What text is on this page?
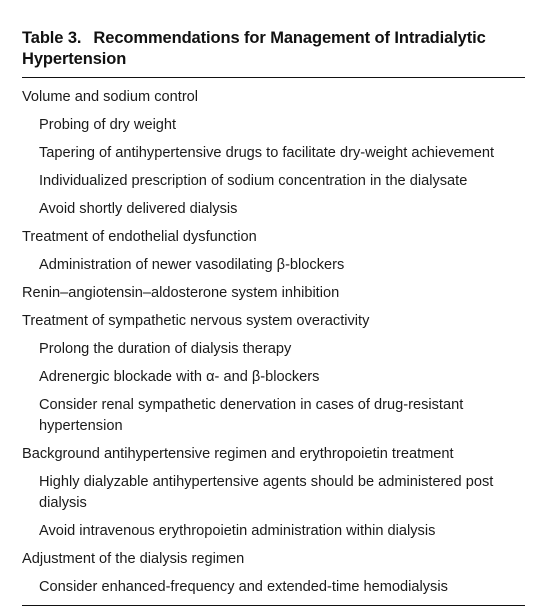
Table 3. Recommendations for Management of Intradialytic
Hypertension
Volume and sodium control
Probing of dry weight
Tapering of antihypertensive drugs to facilitate dry-weight achievement
Individualized prescription of sodium concentration in the dialysate
Avoid shortly delivered dialysis
Treatment of endothelial dysfunction
Administration of newer vasodilating β-blockers
Renin–angiotensin–aldosterone system inhibition
Treatment of sympathetic nervous system overactivity
Prolong the duration of dialysis therapy
Adrenergic blockade with α- and β-blockers
Consider renal sympathetic denervation in cases of drug-resistant hypertension
Background antihypertensive regimen and erythropoietin treatment
Highly dialyzable antihypertensive agents should be administered post dialysis
Avoid intravenous erythropoietin administration within dialysis
Adjustment of the dialysis regimen
Consider enhanced-frequency and extended-time hemodialysis
